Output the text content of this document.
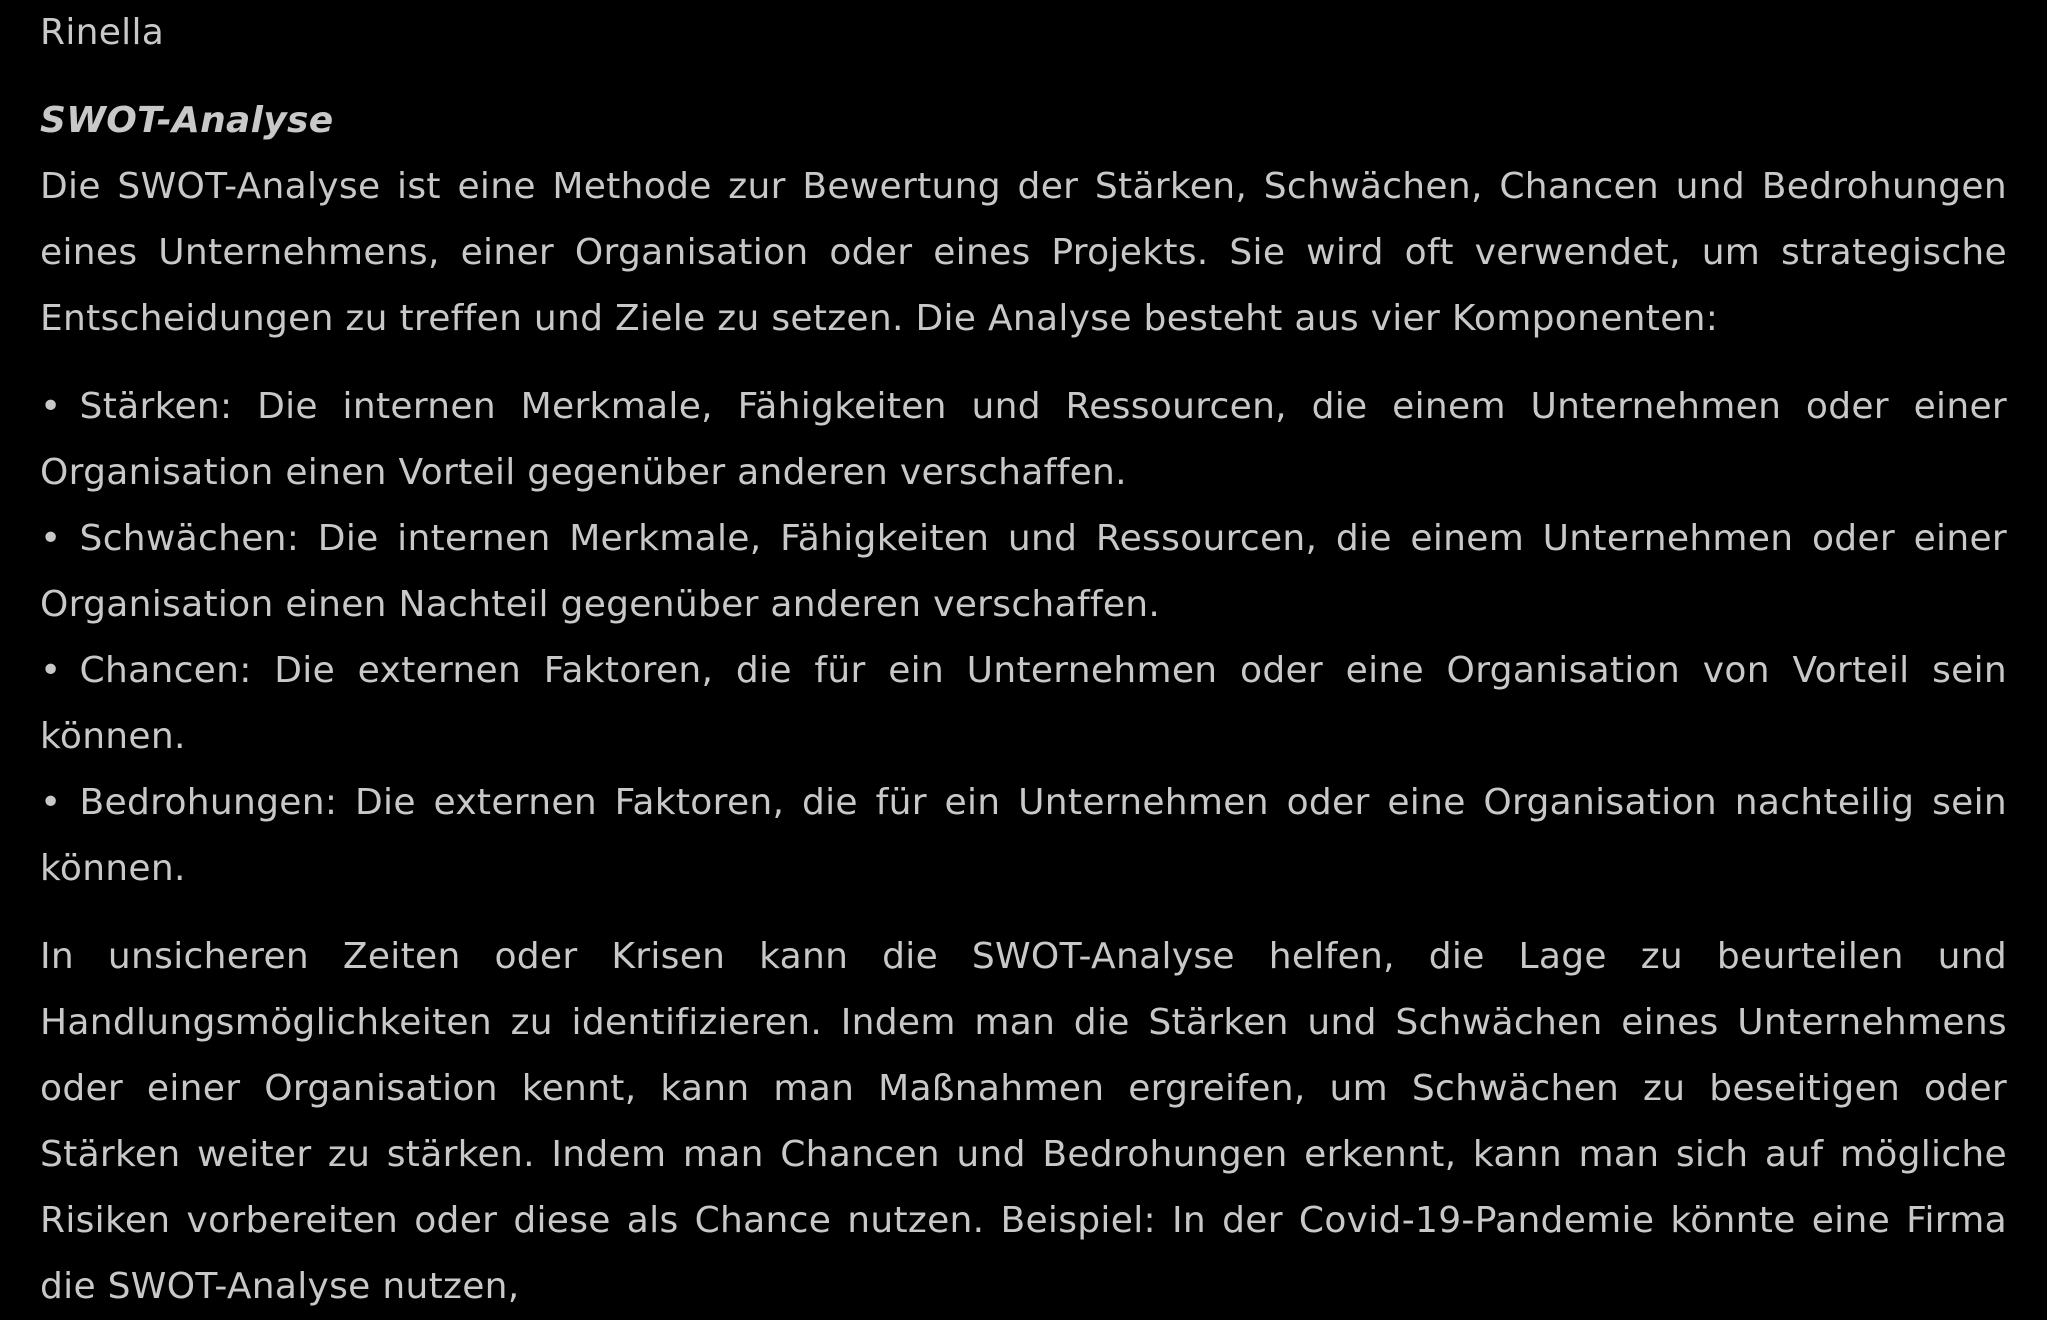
Rinella
SWOT-Analyse

Die SWOT-Analyse ist eine Methode zur Bewertung der Stärken, Schwächen, Chancen und Bedrohungen eines Unternehmens, einer Organisation oder eines Projekts. Sie wird oft verwendet, um strategische Entscheidungen zu treffen und Ziele zu setzen. Die Analyse besteht aus vier Komponenten:

• Stärken: Die internen Merkmale, Fähigkeiten und Ressourcen, die einem Unternehmen oder einer Organisation einen Vorteil gegenüber anderen verschaffen.
• Schwächen: Die internen Merkmale, Fähigkeiten und Ressourcen, die einem Unternehmen oder einer Organisation einen Nachteil gegenüber anderen verschaffen.
• Chancen: Die externen Faktoren, die für ein Unternehmen oder eine Organisation von Vorteil sein können.
• Bedrohungen: Die externen Faktoren, die für ein Unternehmen oder eine Organisation nachteilig sein können.

In unsicheren Zeiten oder Krisen kann die SWOT-Analyse helfen, die Lage zu beurteilen und Handlungsmöglichkeiten zu identifizieren. Indem man die Stärken und Schwächen eines Unternehmens oder einer Organisation kennt, kann man Maßnahmen ergreifen, um Schwächen zu beseitigen oder Stärken weiter zu stärken. Indem man Chancen und Bedrohungen erkennt, kann man sich auf mögliche Risiken vorbereiten oder diese als Chance nutzen. Beispiel: In der Covid-19-Pandemie könnte eine Firma die SWOT-Analyse nutzen,
